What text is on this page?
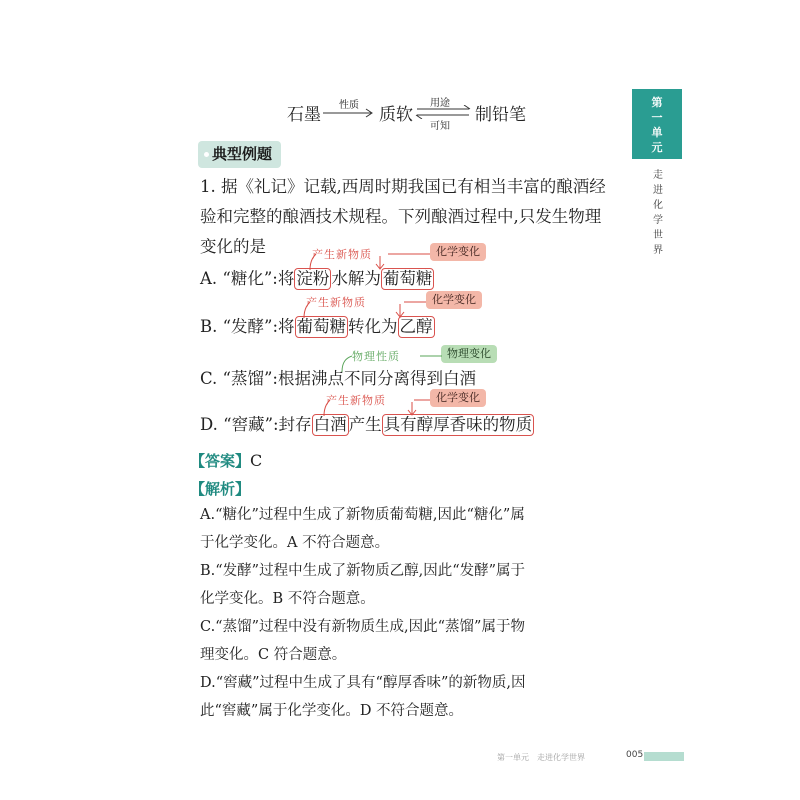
石墨 性质 质软
用途
可知
制铅笔
典型例题
1. 据《礼记》记载,西周时期我国已有相当丰富的酿酒经
验和完整的酿酒技术规程。下列酿酒过程中,只发生物理
变化的是
A. “糖化”:将 淀粉 水解为 葡萄糖
产生新物质	化学变化
B. “发酵”:将 葡萄糖 转化为 乙醇
产生新物质	化学变化
C. “蒸馏”:根据沸点不同分离得到白酒
物理性质	物理变化
D. “窖藏”:封存 白酒 产生 具有醇厚香味的物质
产生新物质	化学变化
【答案】C
【解析】
A.“糖化”过程中生成了新物质葡萄糖,因此“糖化”属
于化学变化。A 不符合题意。
B.“发酵”过程中生成了新物质乙醇,因此“发酵”属于
化学变化。B 不符合题意。
C.“蒸馏”过程中没有新物质生成,因此“蒸馏”属于物
理变化。C 符合题意。
D.“窖藏”过程中生成了具有“醇厚香味”的新物质,因
此“窖藏”属于化学变化。D 不符合题意。
第
一
单
元
走
进
化
学
世
界
第一单元　走进化学世界	005
